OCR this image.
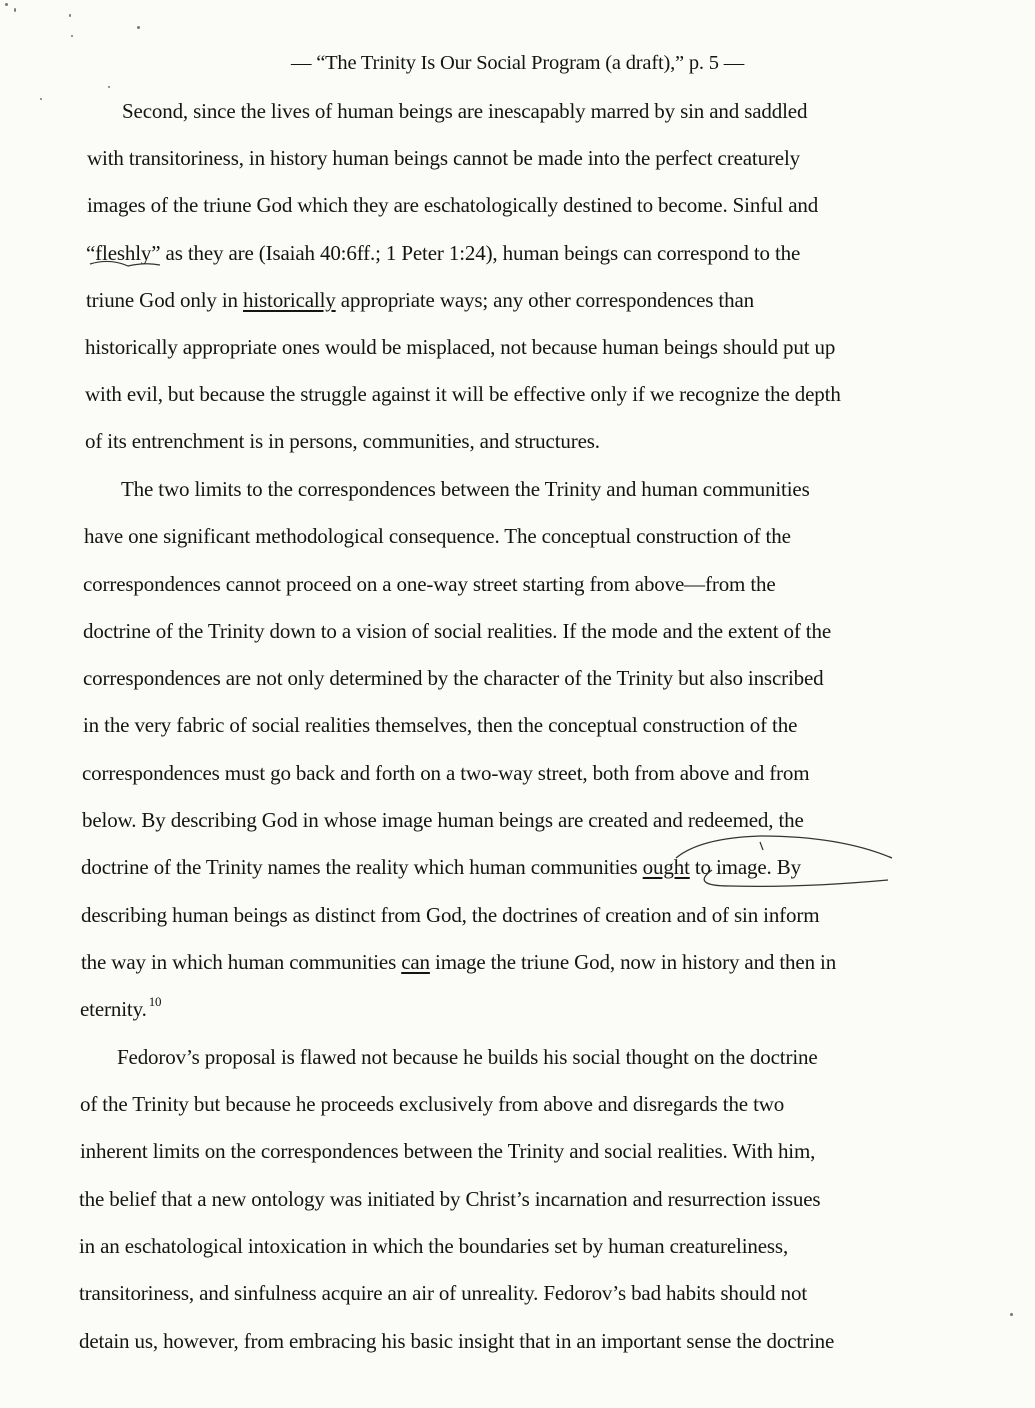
— “The Trinity Is Our Social Program (a draft),” p. 5 —
Second, since the lives of human beings are inescapably marred by sin and saddled
with transitoriness, in history human beings cannot be made into the perfect creaturely
images of the triune God which they are eschatologically destined to become. Sinful and
“fleshly” as they are (Isaiah 40:6ff.; 1 Peter 1:24), human beings can correspond to the
triune God only in historically appropriate ways; any other correspondences than
historically appropriate ones would be misplaced, not because human beings should put up
with evil, but because the struggle against it will be effective only if we recognize the depth
of its entrenchment is in persons, communities, and structures.
The two limits to the correspondences between the Trinity and human communities
have one significant methodological consequence. The conceptual construction of the
correspondences cannot proceed on a one-way street starting from above—from the
doctrine of the Trinity down to a vision of social realities. If the mode and the extent of the
correspondences are not only determined by the character of the Trinity but also inscribed
in the very fabric of social realities themselves, then the conceptual construction of the
correspondences must go back and forth on a two-way street, both from above and from
below. By describing God in whose image human beings are created and redeemed, the
doctrine of the Trinity names the reality which human communities ought to image. By
describing human beings as distinct from God, the doctrines of creation and of sin inform
the way in which human communities can image the triune God, now in history and then in
eternity. $^{10}$
Fedorov’s proposal is flawed not because he builds his social thought on the doctrine
of the Trinity but because he proceeds exclusively from above and disregards the two
inherent limits on the correspondences between the Trinity and social realities. With him,
the belief that a new ontology was initiated by Christ’s incarnation and resurrection issues
in an eschatological intoxication in which the boundaries set by human creatureliness,
transitoriness, and sinfulness acquire an air of unreality. Fedorov’s bad habits should not
detain us, however, from embracing his basic insight that in an important sense the doctrine
